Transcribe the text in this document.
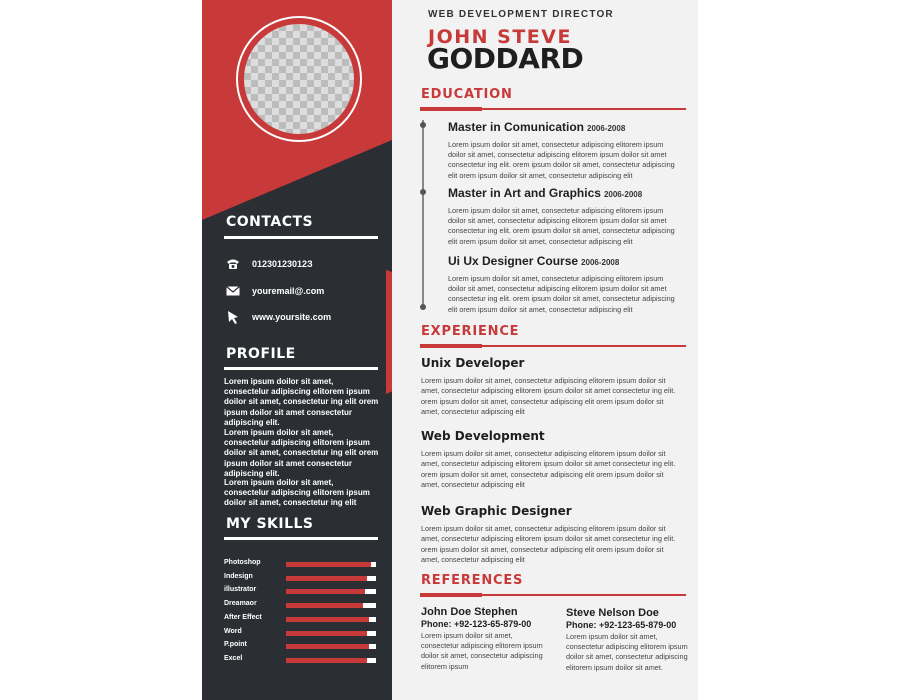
CONTACTS
01230123012З
youremail@.com
www.yoursite.com
PROFILE
Lorem ipsum doilor sit amet, consectelur adipiscing elitorem ipsum doilor sit amet, consectetur ing elit orem ipsum doilor sit amet consectetur adipiscing elit.
Lorem ipsum doilor sit amet, consectelur adipiscing elitorem ipsum doilor sit amet, consectetur ing elit orem ipsum doilor sit amet consectetur adipiscing elit.
Lorem ipsum doilor sit amet, consectelur adipiscing elitorem ipsum doilor sit amet, consectetur ing elit
MY SKILLS
Photoshop
Indesign
illustrator
Dreamaor
After Effect
Word
P.point
Excel
WEB DEVELOPMENT DIRECTOR
JOHN STEVE
GODDARD
EDUCATION
Master in Comunication 2006-2008
Lorem ipsum doilor sit amet, consectetur adipiscing elitorem ipsum doilor sit amet, consectetur adipiscing elitorem ipsum doilor sit amet consectetur ing elit. orem ipsum doilor sit amet, consectetur adipiscing elit orem ipsum doilor sit amet, consectetur adipiscing elit
Master in Art and Graphics 2006-2008
Lorem ipsum doilor sit amet, consectetur adipiscing elitorem ipsum doilor sit amet, consectetur adipiscing elitorem ipsum doilor sit amet consectetur ing elit. orem ipsum doilor sit amet, consectetur adipiscing elit orem ipsum doilor sit amet, consectetur adipiscing elit
Ui Ux Designer Course 2006-2008
Lorem ipsum doilor sit amet, consectetur adipiscing elitorem ipsum doilor sit amet, consectetur adipiscing elitorem ipsum doilor sit amet consectetur ing elit. orem ipsum doilor sit amet, consectetur adipiscing elit orem ipsum doilor sit amet, consectetur adipiscing elit
EXPERIENCE
Unix Developer
Lorem ipsum doilor sit amet, consectetur adipiscing elitorem ipsum doilor sit amet, consectetur adipiscing elitorem ipsum doilor sit amet consectetur ing elit. orem ipsum doilor sit amet, consectetur adipiscing elit orem ipsum doilor sit amet, consectetur adipiscing elit
Web Development
Lorem ipsum doilor sit amet, consectetur adipiscing elitorem ipsum doilor sit amet, consectetur adipiscing elitorem ipsum doilor sit amet consectetur ing elit. orem ipsum doilor sit amet, consectetur adipiscing elit orem ipsum doilor sit amet, consectetur adipiscing elit
Web Graphic Designer
Lorem ipsum doilor sit amet, consectetur adipiscing elitorem ipsum doilor sit amet, consectetur adipiscing elitorem ipsum doilor sit amet consectetur ing elit. orem ipsum doilor sit amet, consectetur adipiscing elit orem ipsum doilor sit amet, consectetur adipiscing elit
REFERENCES
John Doe Stephen
Phone: +92-123-65-879-00
Lorem ipsum doilor sit amet, consectetur adipiscing elitorem ipsum doilor sit amet, consectetur adipiscing elitorem ipsum
Steve Nelson Doe
Phone: +92-123-65-879-00
Lorem ipsum doilor sit amet, consectetur adipiscing elitorem ipsum doilor sit amet, consectetur adipiscing elitorem ipsum doilor sit amet.
